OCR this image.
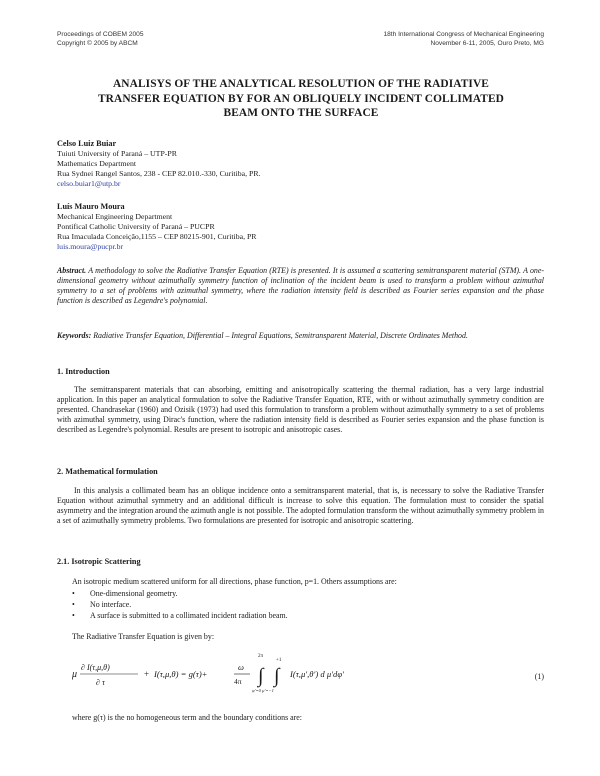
Proceedings of COBEM 2005
Copyright © 2005 by ABCM
18th International Congress of Mechanical Engineering
November 6-11, 2005, Ouro Preto, MG
ANALISYS OF THE ANALYTICAL RESOLUTION OF THE RADIATIVE
TRANSFER EQUATION BY FOR AN OBLIQUELY INCIDENT COLLIMATED
BEAM ONTO THE SURFACE
Celso Luiz Buiar
Tuiuti University of Paraná – UTP-PR
Mathematics Department
Rua Sydnei Rangel Santos, 238 - CEP 82.010.-330, Curitiba, PR.
celso.buiar1@utp.br
Luís Mauro Moura
Mechanical Engineering Department
Pontifical Catholic University of Paraná – PUCPR
Rua Imaculada Conceição,1155 – CEP 80215-901, Curitiba, PR
luis.moura@pucpr.br
Abstract. A methodology to solve the Radiative Transfer Equation (RTE) is presented. It is assumed a scattering semitransparent material (STM). A one-dimensional geometry without azimuthally symmetry function of inclination of the incident beam is used to transform a problem without azimuthal symmetry to a set of problems with azimuthal symmetry, where the radiation intensity field is described as Fourier series expansion and the phase function is described as Legendre's polynomial.
Keywords: Radiative Transfer Equation, Differential – Integral Equations, Semitransparent Material, Discrete Ordinates Method.
1. Introduction
The semitransparent materials that can absorbing, emitting and anisotropically scattering the thermal radiation, has a very large industrial application. In this paper an analytical formulation to solve the Radiative Transfer Equation, RTE, with or without azimuthally symmetry condition are presented. Chandrasekar (1960) and Ozisik (1973) had used this formulation to transform a problem without azimuthally symmetry to a set of problems with azimuthal symmetry, using Dirac's function, where the radiation intensity field is described as Fourier series expansion and the phase function is described as Legendre's polynomial. Results are present to isotropic and anisotropic cases.
2. Mathematical formulation
In this analysis a collimated beam has an oblique incidence onto a semitransparent material, that is, is necessary to solve the Radiative Transfer Equation without azimuthal symmetry and an additional difficult is increase to solve this equation. The formulation must to consider the spatial asymmetry and the integration around the azimuth angle is not possible. The adopted formulation transform the without azimuthally symmetry problem in a set of azimuthally symmetry problems. Two formulations are presented for isotropic and anisotropic scattering.
2.1. Isotropic Scattering
An isotropic medium scattered uniform for all directions, phase function, p=1. Others assumptions are:
•	One-dimensional geometry.
•	No interface.
•	A surface is submitted to a collimated incident radiation beam.
The Radiative Transfer Equation is given by:
μ
∂ I(τ,μ,θ)
∂ τ
+ I(τ,μ,θ) = g(τ)+
ω
4π
2π
∫
+1
∫
φ′=0 μ′=−1
I(τ,μ′,θ′) d μ′dφ′	(1)
where g(τ) is the no homogeneous term and the boundary conditions are:
